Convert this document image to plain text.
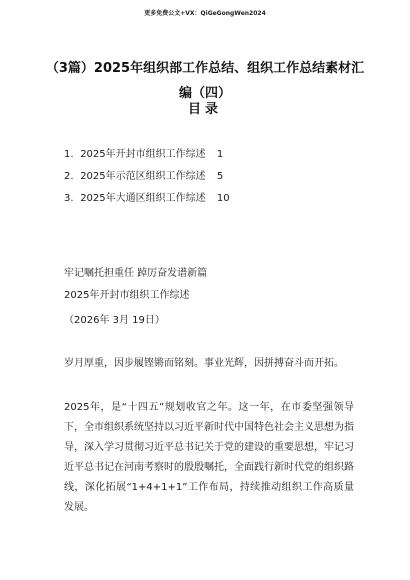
更多免费公文+VX：QiGeGongWen2024
（3篇）2025年组织部工作总结、组织工作总结素材汇编（四）
目录
1. 2025年开封市组织工作综述 1
2. 2025年示范区组织工作综述 5
3. 2025年大通区组织工作综述 10
牢记嘱托担重任 踔厉奋发谱新篇
2025年开封市组织工作综述
（2026年 3月 19日）

岁月厚重，因步履铿锵而铭刻。事业光辉，因拼搏奋斗而开拓。

2025年，是“十四五”规划收官之年。这一年，在市委坚强领导下，全市组织系统坚持以习近平新时代中国特色社会主义思想为指导，深入学习贯彻习近平总书记关于党的建设的重要思想，牢记习近平总书记在河南考察时的殷殷嘱托，全面践行新时代党的组织路线，深化拓展“1+4+1+1”工作布局，持续推动组织工作高质量发展。
